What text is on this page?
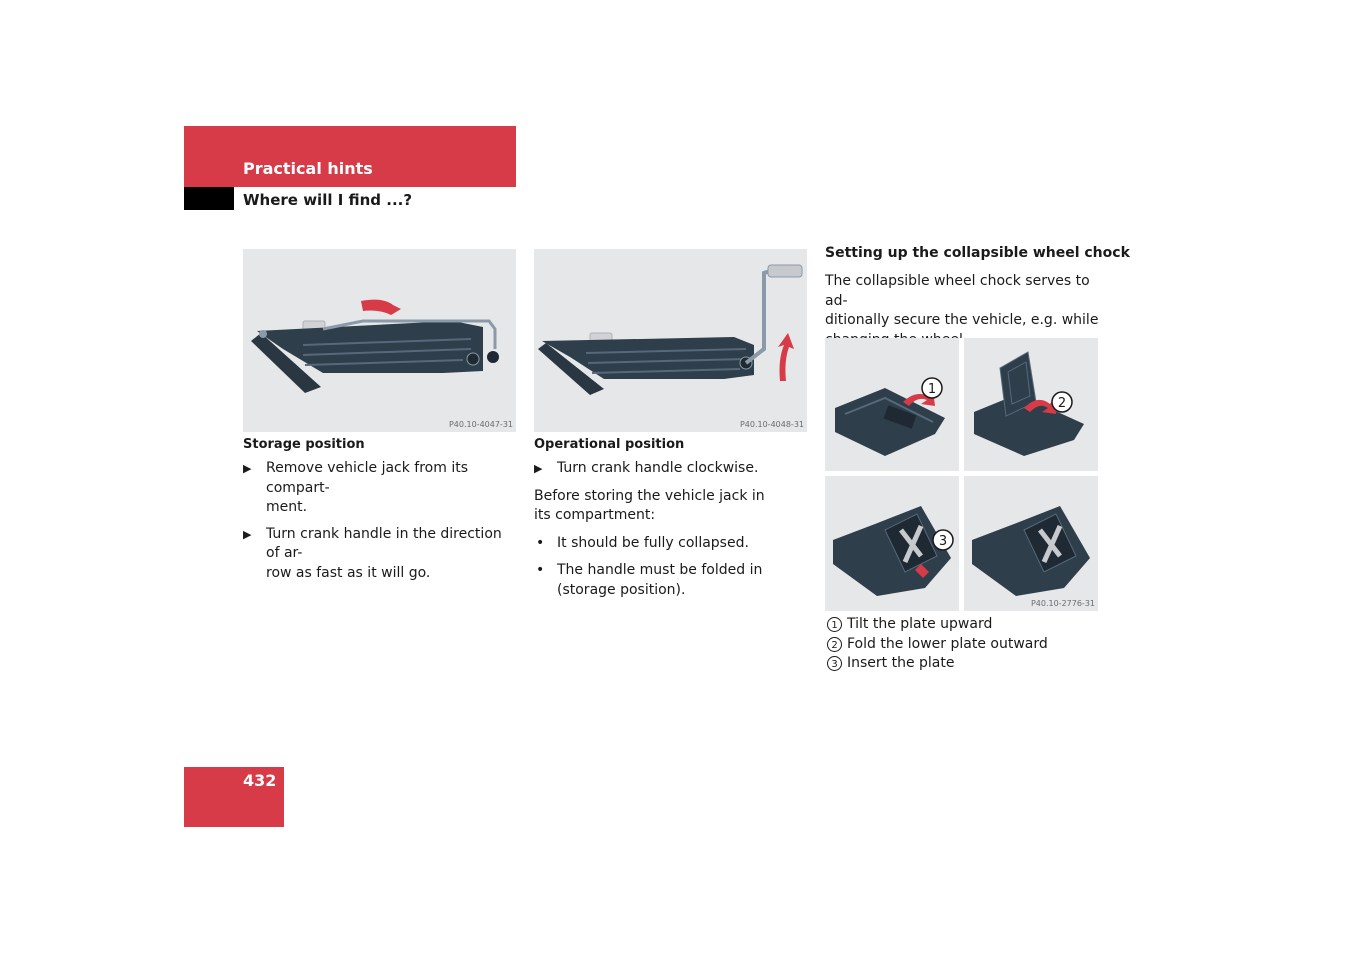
Practical hints
Where will I find ...?
P40.10-4047-31
Storage position
▶	Remove vehicle jack from its compart-
ment.
▶	Turn crank handle in the direction of ar-
row as fast as it will go.
P40.10-4048-31
Operational position
▶	Turn crank handle clockwise.
Before storing the vehicle jack in its compartment:
• It should be fully collapsed.
• The handle must be folded in (storage position).
Setting up the collapsible wheel chock
The collapsible wheel chock serves to ad-
ditionally secure the vehicle, e.g. while

1
2
3
P40.10-2776-31
1 Tilt the plate upward
2 Fold the lower plate outward
3 Insert the plate
432
